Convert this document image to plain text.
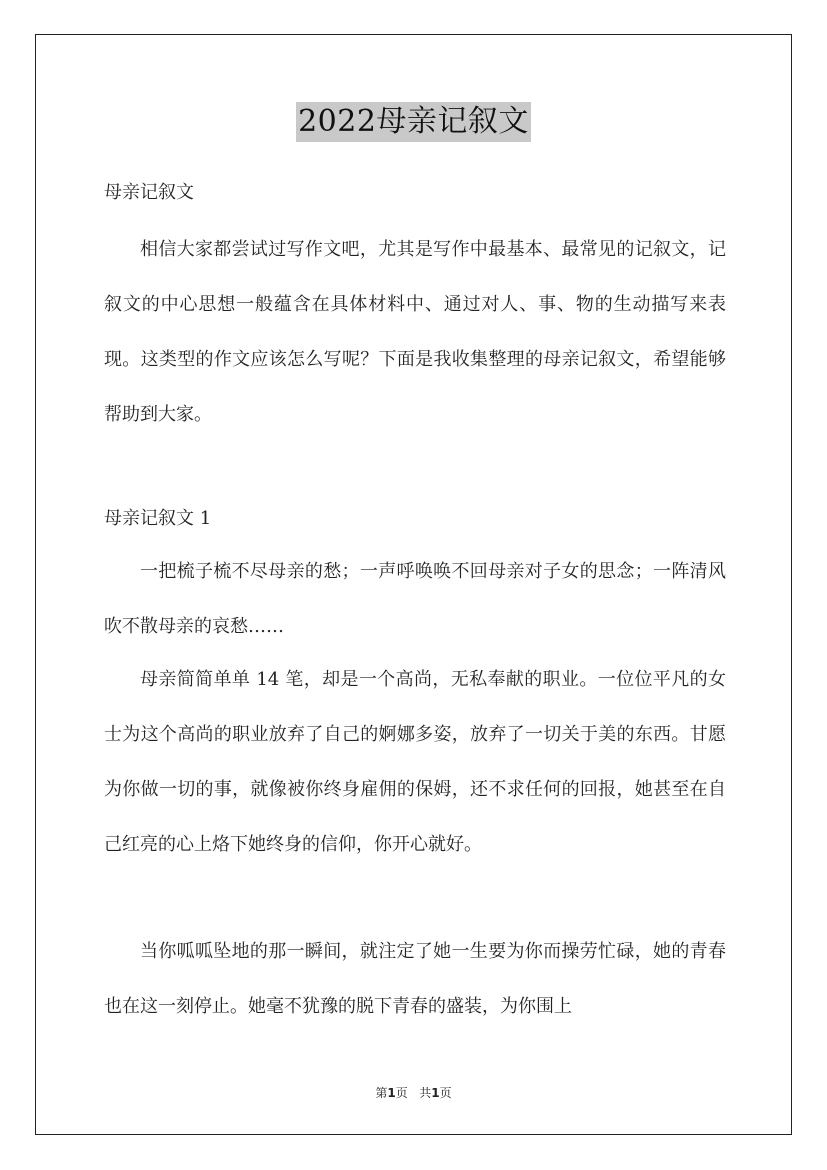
2022母亲记叙文
母亲记叙文

相信大家都尝试过写作文吧，尤其是写作中最基本、最常见的记叙文，记叙文的中心思想一般蕴含在具体材料中、通过对人、事、物的生动描写来表现。这类型的作文应该怎么写呢？下面是我收集整理的母亲记叙文，希望能够帮助到大家。

母亲记叙文 1

一把梳子梳不尽母亲的愁；一声呼唤唤不回母亲对子女的思念；一阵清风吹不散母亲的哀愁……

母亲简简单单 14 笔，却是一个高尚，无私奉献的职业。一位位平凡的女士为这个高尚的职业放弃了自己的婀娜多姿，放弃了一切关于美的东西。甘愿为你做一切的事，就像被你终身雇佣的保姆，还不求任何的回报，她甚至在自己红亮的心上烙下她终身的信仰，你开心就好。

当你呱呱坠地的那一瞬间，就注定了她一生要为你而操劳忙碌，她的青春也在这一刻停止。她毫不犹豫的脱下青春的盛装，为你围上

第1页 共1页
